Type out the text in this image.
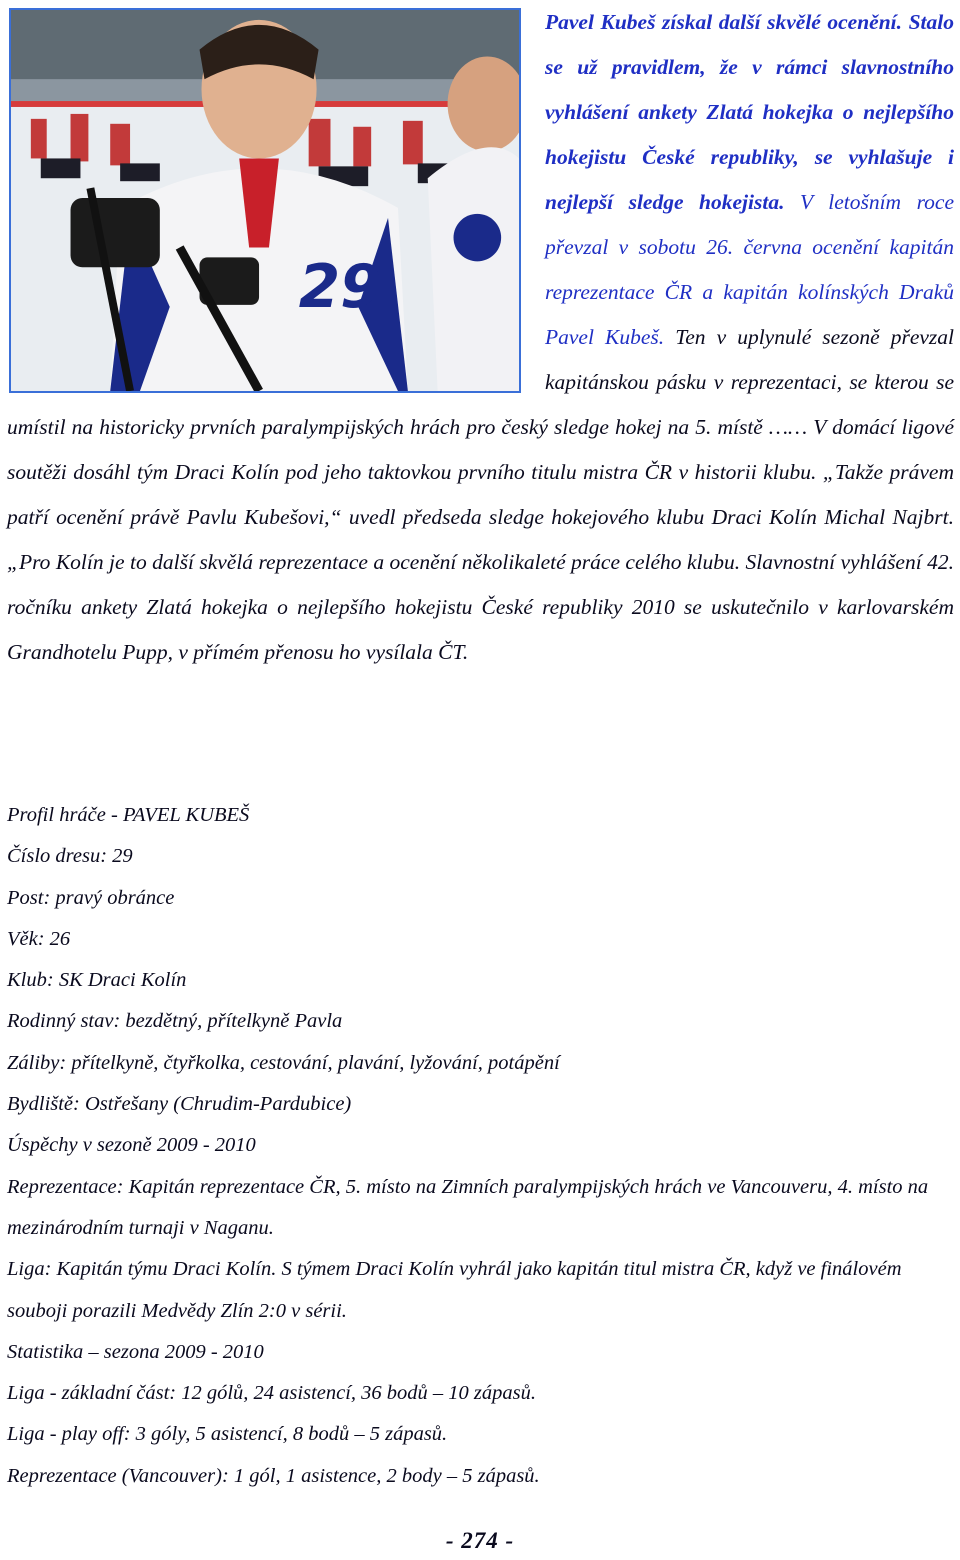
29
Pavel Kubeš získal další skvělé ocenění. Stalo se už pravidlem, že v rámci slavnostního vyhlášení ankety Zlatá hokejka o nejlepšího hokejistu České republiky, se vyhlašuje i nejlepší sledge hokejista. V letošním roce převzal v sobotu 26. června ocenění kapitán reprezentace ČR a kapitán kolínských Draků Pavel Kubeš. Ten v uplynulé sezoně převzal kapitánskou pásku v reprezentaci, se kterou se umístil na historicky prvních paralympijských hrách pro český sledge hokej na 5. místě …… V domácí ligové soutěži dosáhl tým Draci Kolín pod jeho taktovkou prvního titulu mistra ČR v historii klubu. „Takže právem patří ocenění právě Pavlu Kubešovi,“ uvedl předseda sledge hokejového klubu Draci Kolín Michal Najbrt. „Pro Kolín je to další skvělá reprezentace a ocenění několikaleté práce celého klubu. Slavnostní vyhlášení 42. ročníku ankety Zlatá hokejka o nejlepšího hokejistu České republiky 2010 se uskutečnilo v karlovarském Grandhotelu Pupp, v přímém přenosu ho vysílala ČT.
Profil hráče - PAVEL KUBEŠ
Číslo dresu: 29
Post: pravý obránce
Věk: 26
Klub: SK Draci Kolín
Rodinný stav: bezdětný, přítelkyně Pavla
Záliby: přítelkyně, čtyřkolka, cestování, plavání, lyžování, potápění
Bydliště: Ostřešany (Chrudim-Pardubice)
Úspěchy v sezoně 2009 - 2010
Reprezentace: Kapitán reprezentace ČR, 5. místo na Zimních paralympijských hrách ve Vancouveru, 4. místo na mezinárodním turnaji v Naganu.
Liga: Kapitán týmu Draci Kolín. S týmem Draci Kolín vyhrál jako kapitán titul mistra ČR, když ve finálovém souboji porazili Medvědy Zlín 2:0 v sérii.
Statistika – sezona 2009 - 2010
Liga - základní část: 12 gólů, 24 asistencí, 36 bodů – 10 zápasů.
Liga - play off: 3 góly, 5 asistencí, 8 bodů – 5 zápasů.
Reprezentace (Vancouver): 1 gól, 1 asistence, 2 body – 5 zápasů.
- 274 -
